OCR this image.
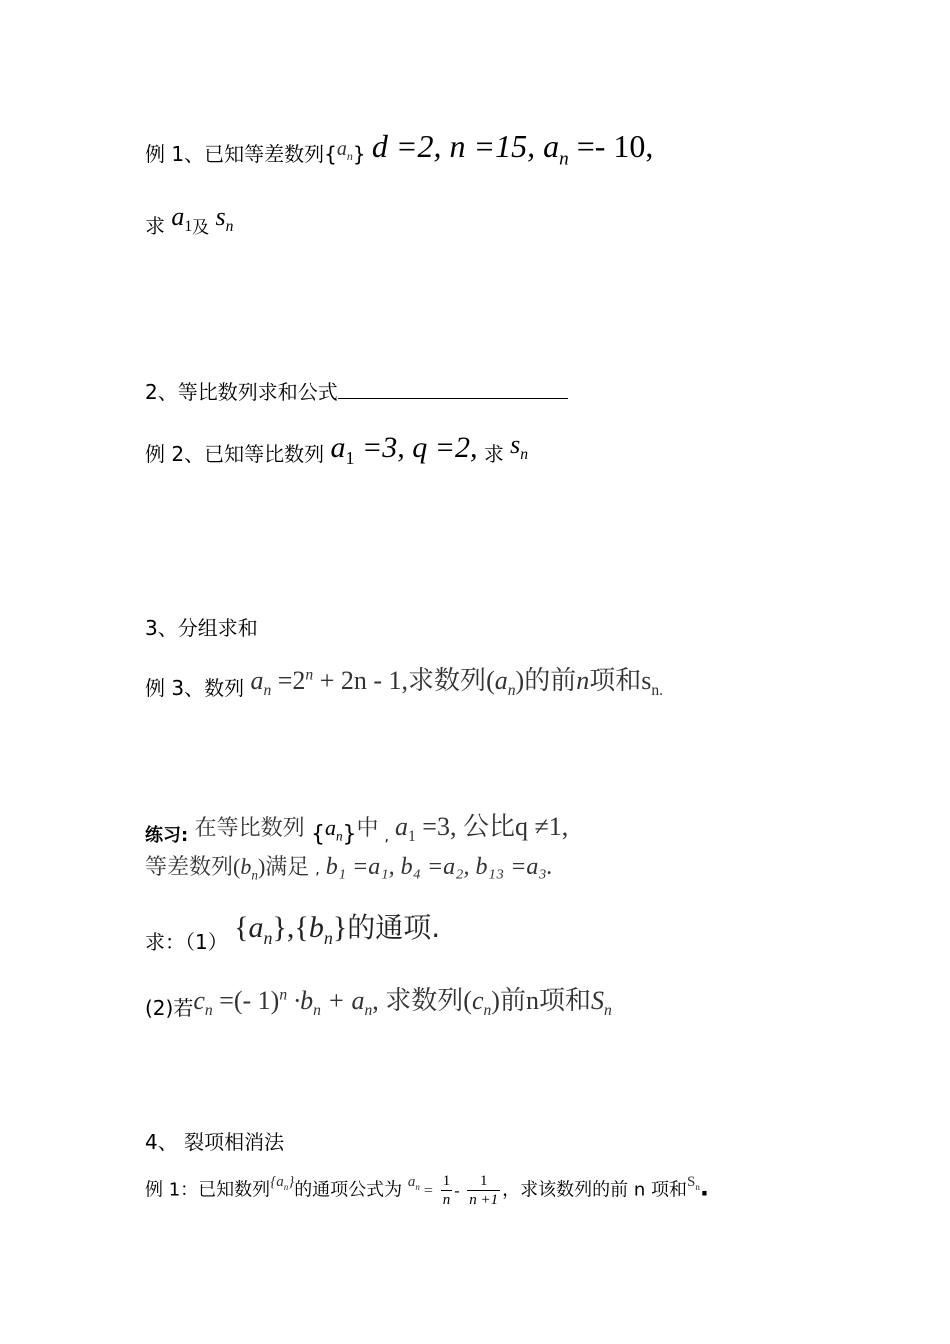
例 1、已知等差数列$\{a_n\}$ d =2, n =15, $a_n =- 10$,
求 $a_1$及 $s_n$
2、等比数列求和公式
例 2、已知等比数列 $a_1 =3$, q =2, 求 $s_n$
3、分组求和
例 3、数列 $a_n =2^n + 2n - 1$,求数列$(a_n)$的前n项和$s_{n.}$
练习: 在等比数列 $\{a_n\}$中 , $a_1 =3$, 公比q ≠1,
等差数列$(b_n)$满足 , b₁ =a₁, b₄ =a₂, b₁₃ =a₃.
求：（1） $\{a_n\},\{b_n\}$的通项.
(2)若$c_n$ =(- $1)^n \cdot b_n + a_n$, 求数列$(c_n)$前n项和$S_n$
4、 裂项相消法
例 1：已知数列$^{\{a_n\}}$的通项公式为 $^{a_n} = \frac{1}{n} - \frac{1}{n +1}$ ，求该数列的前 n 项和$^{S_n}$.
